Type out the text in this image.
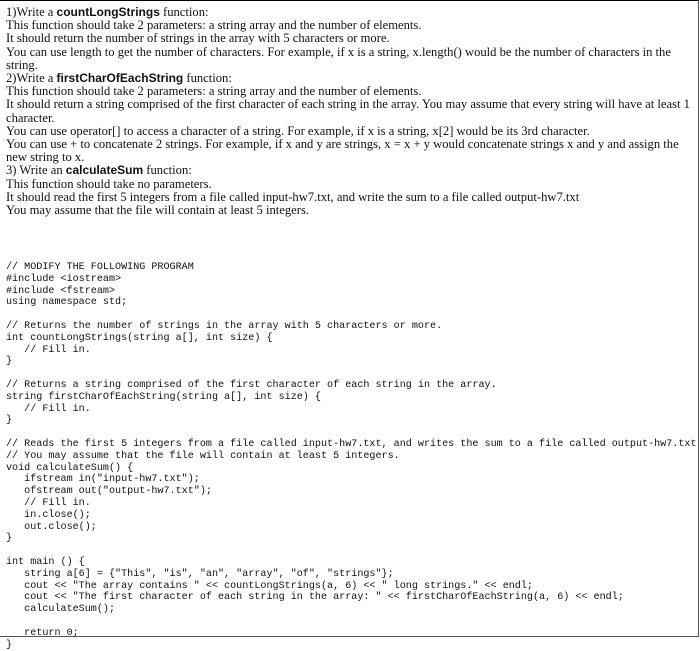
1)Write a countLongStrings function:

This function should take 2 parameters: a string array and the number of elements.

It should return the number of strings in the array with 5 characters or more.

You can use length to get the number of characters. For example, if x is a string, x.length() would be the number of characters in the string.

2)Write a firstCharOfEachString function:

This function should take 2 parameters: a string array and the number of elements.

It should return a string comprised of the first character of each string in the array. You may assume that every string will have at least 1 character.

You can use operator[] to access a character of a string. For example, if x is a string, x[2] would be its 3rd character.

You can use + to concatenate 2 strings. For example, if x and y are strings, x = x + y would concatenate strings x and y and assign the new string to x.

3) Write an calculateSum function:

This function should take no parameters.

It should read the first 5 integers from a file called input-hw7.txt, and write the sum to a file called output-hw7.txt

You may assume that the file will contain at least 5 integers.

// MODIFY THE FOLLOWING PROGRAM
#include <iostream>
#include <fstream>
using namespace std;
// Returns the number of strings in the array with 5 characters or more.
int countLongStrings(string a[], int size) {
// Fill in.
}
// Returns a string comprised of the first character of each string in the array.
string firstCharOfEachString(string a[], int size) {
// Fill in.
}
// Reads the first 5 integers from a file called input-hw7.txt, and writes the sum to a file called output-hw7.txt
// You may assume that the file will contain at least 5 integers.
void calculateSum() {
ifstream in("input-hw7.txt");
ofstream out("output-hw7.txt");
// Fill in.
in.close();
out.close();
}
int main () {
string a[6] = {"This", "is", "an", "array", "of", "strings"};
cout << "The array contains " << countLongStrings(a, 6) << " long strings." << endl;
cout << "The first character of each string in the array: " << firstCharOfEachString(a, 6) << endl;
calculateSum();
return 0;
}
